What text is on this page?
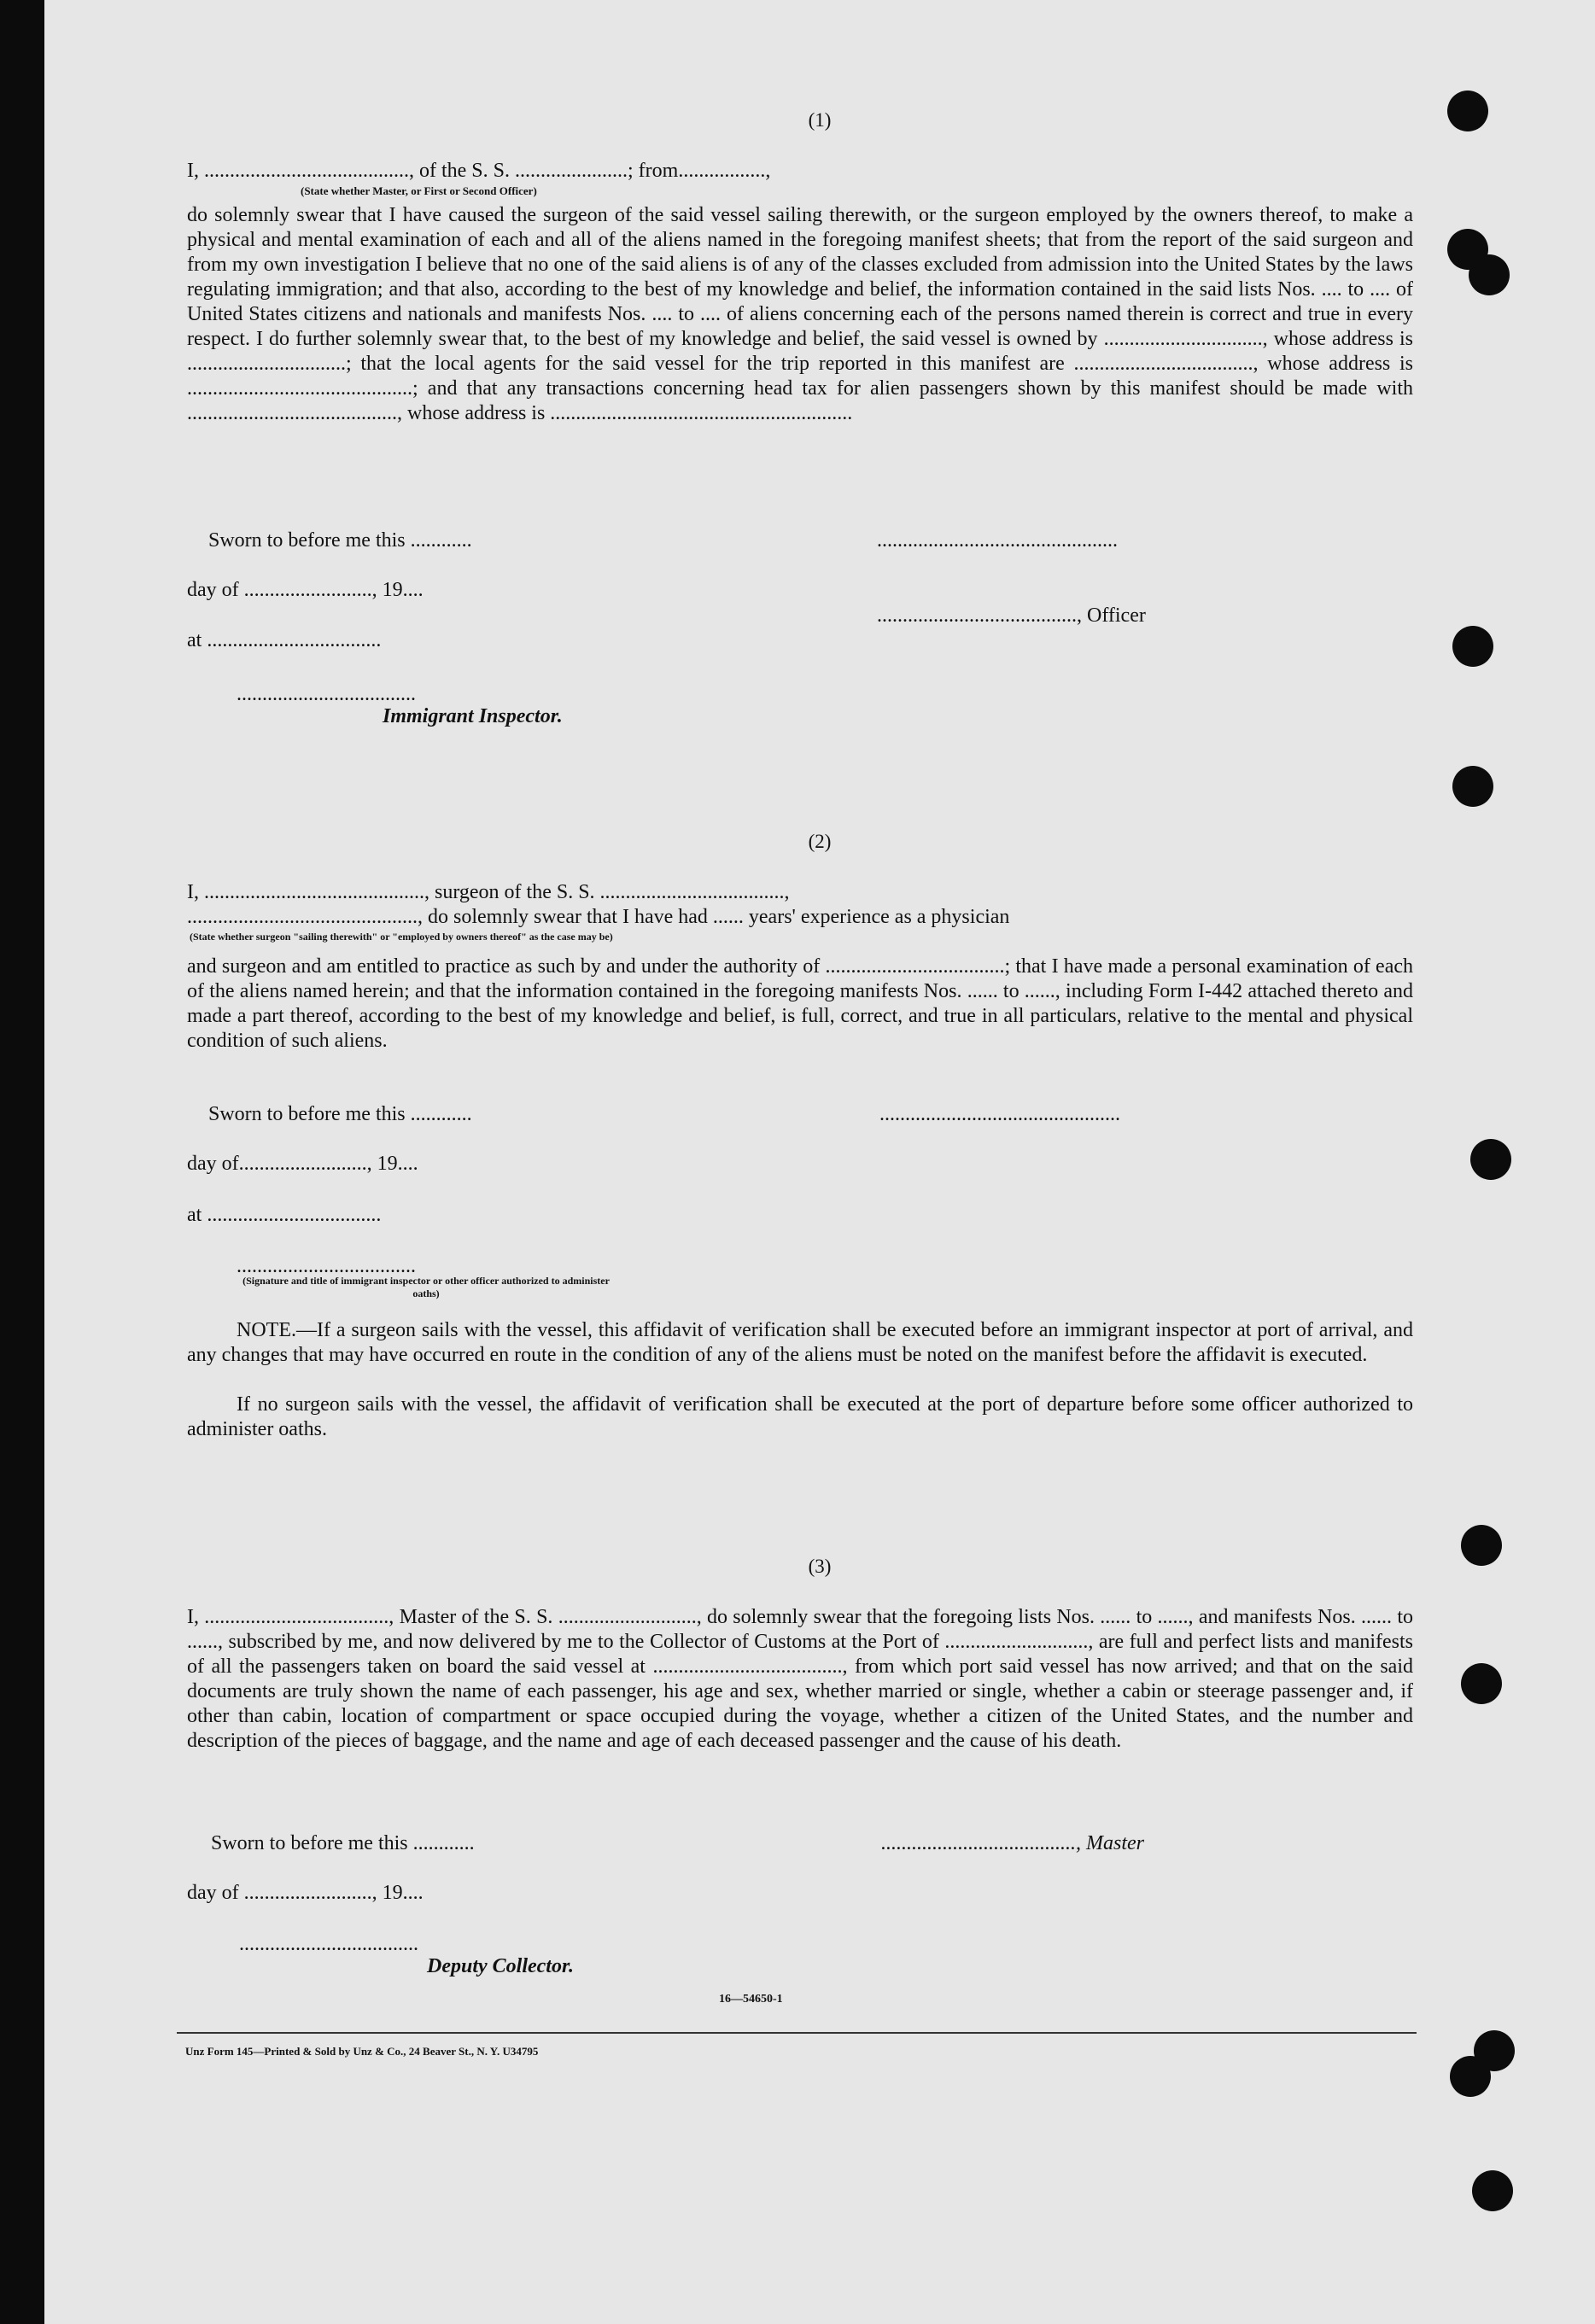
(1)
I, ........................................, of the S. S. ......................; from.................,
(State whether Master, or First or Second Officer)
do solemnly swear that I have caused the surgeon of the said vessel sailing therewith, or the surgeon employed by the owners thereof, to make a physical and mental examination of each and all of the aliens named in the foregoing manifest sheets; that from the report of the said surgeon and from my own investigation I believe that no one of the said aliens is of any of the classes excluded from admission into the United States by the laws regulating immigration; and that also, according to the best of my knowledge and belief, the information contained in the said lists Nos. .... to .... of United States citizens and nationals and manifests Nos. .... to .... of aliens concerning each of the persons named therein is correct and true in every respect. I do further solemnly swear that, to the best of my knowledge and belief, the said vessel is owned by ..............................., whose address is ...............................; that the local agents for the said vessel for the trip reported in this manifest are ..................................., whose address is ............................................; and that any transactions concerning head tax for alien passengers shown by this manifest should be made with ........................................., whose address is ...........................................................
Sworn to before me this ............	...............................................
day of ........................., 19....
......................................., Officer
at ..................................
...................................
Immigrant Inspector.
(2)
I, ..........................................., surgeon of the S. S. ....................................,
............................................., do solemnly swear that I have had ...... years' experience as a physician
(State whether surgeon "sailing therewith" or "employed by owners thereof" as the case may be)
and surgeon and am entitled to practice as such by and under the authority of ...................................; that I have made a personal examination of each of the aliens named herein; and that the information contained in the foregoing manifests Nos. ...... to ......, including Form I-442 attached thereto and made a part thereof, according to the best of my knowledge and belief, is full, correct, and true in all particulars, relative to the mental and physical condition of such aliens.
Sworn to before me this ............	...............................................
day of........................., 19....
at ..................................
...................................
(Signature and title of immigrant inspector or other officer authorized to administer oaths)
NOTE.—If a surgeon sails with the vessel, this affidavit of verification shall be executed before an immigrant inspector at port of arrival, and any changes that may have occurred en route in the condition of any of the aliens must be noted on the manifest before the affidavit is executed.
If no surgeon sails with the vessel, the affidavit of verification shall be executed at the port of departure before some officer authorized to administer oaths.
(3)
I, ...................................., Master of the S. S. ..........................., do solemnly swear that the foregoing lists Nos. ...... to ......, and manifests Nos. ...... to ......, subscribed by me, and now delivered by me to the Collector of Customs at the Port of ............................, are full and perfect lists and manifests of all the passengers taken on board the said vessel at ....................................., from which port said vessel has now arrived; and that on the said documents are truly shown the name of each passenger, his age and sex, whether married or single, whether a cabin or steerage passenger and, if other than cabin, location of compartment or space occupied during the voyage, whether a citizen of the United States, and the number and description of the pieces of baggage, and the name and age of each deceased passenger and the cause of his death.
Sworn to before me this ............	......................................, Master
day of ........................., 19....
...................................
Deputy Collector.
16—54650-1
Unz Form 145—Printed & Sold by Unz & Co., 24 Beaver St., N. Y. U34795
